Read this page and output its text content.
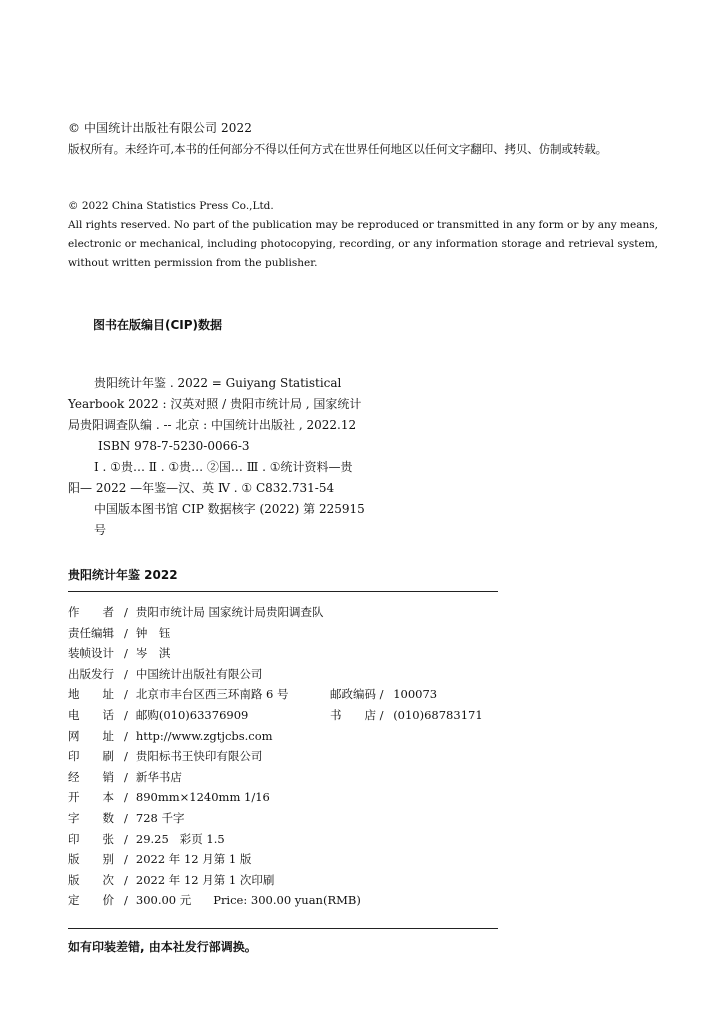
© 中国统计出版社有限公司 2022
版权所有。未经许可,本书的任何部分不得以任何方式在世界任何地区以任何文字翻印、拷贝、仿制或转载。

© 2022 China Statistics Press Co.,Ltd.

All rights reserved. No part of the publication may be reproduced or transmitted in any form or by any means, electronic or mechanical, including photocopying, recording, or any information storage and retrieval system, without written permission from the publisher.

图书在版编目(CIP)数据
贵阳统计年鉴 . 2022 = Guiyang Statistical
Yearbook 2022 : 汉英对照 / 贵阳市统计局 , 国家统计
局贵阳调查队编 . -- 北京 : 中国统计出版社 , 2022.12
ISBN 978-7-5230-0066-3
Ⅰ . ①贵… Ⅱ . ①贵… ②国… Ⅲ . ①统计资料—贵
阳— 2022 —年鉴—汉、英 Ⅳ . ① C832.731-54
中国版本图书馆 CIP 数据核字 (2022) 第 225915 号
贵阳统计年鉴 2022
作　　者 / 贵阳市统计局 国家统计局贵阳调查队
责任编辑 / 钟　钰
装帧设计 / 岑　淇
出版发行 / 中国统计出版社有限公司
地　　址 / 北京市丰台区西三环南路 6 号	邮政编码 / 100073
电　　话 / 邮购(010)63376909	书　　店 / (010)68783171
网　　址 / http://www.zgtjcbs.com
印　　刷 / 贵阳标书王快印有限公司
经　　销 / 新华书店
开　　本 / 890mm×1240mm 1/16
字　　数 / 728 千字
印　　张 / 29.25   彩页 1.5
版　　别 / 2022 年 12 月第 1 版
版　　次 / 2022 年 12 月第 1 次印刷
定　　价 / 300.00 元      Price: 300.00 yuan(RMB)
如有印装差错, 由本社发行部调换。
